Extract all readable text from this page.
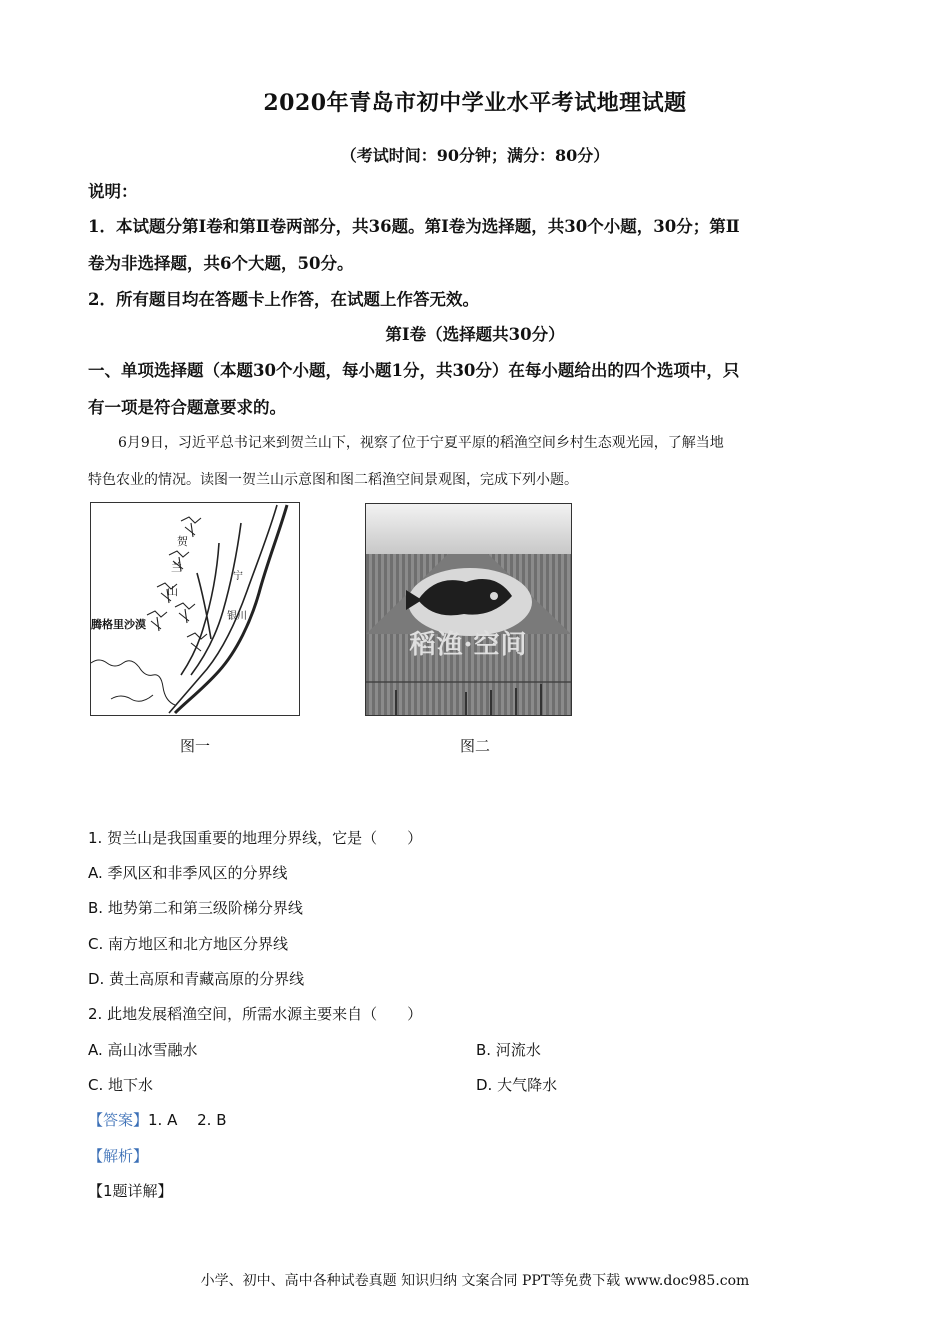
2020年青岛市初中学业水平考试地理试题
（考试时间：90分钟；满分：80分）
说明：
1．本试题分第Ⅰ卷和第Ⅱ卷两部分，共36题。第Ⅰ卷为选择题，共30个小题，30分；第Ⅱ
卷为非选择题，共6个大题，50分。
2．所有题目均在答题卡上作答，在试题上作答无效。
第Ⅰ卷（选择题共30分）
一、单项选择题（本题30个小题，每小题1分，共30分）在每小题给出的四个选项中，只
有一项是符合题意要求的。
6月9日，习近平总书记来到贺兰山下，视察了位于宁夏平原的稻渔空间乡村生态观光园，了解当地
特色农业的情况。读图一贺兰山示意图和图二稻渔空间景观图，完成下列小题。
腾格里沙漠
贺
兰
山
宁
银川
稻渔·空间
图一	图二
1. 贺兰山是我国重要的地理分界线，它是（　　）
A. 季风区和非季风区的分界线
B. 地势第二和第三级阶梯分界线
C. 南方地区和北方地区分界线
D. 黄土高原和青藏高原的分界线
2. 此地发展稻渔空间，所需水源主要来自（　　）
A. 高山冰雪融水	B. 河流水
C. 地下水	D. 大气降水
【答案】1. A　 2. B
【解析】
【1题详解】
小学、初中、高中各种试卷真题 知识归纳 文案合同 PPT等免费下载 www.doc985.com
